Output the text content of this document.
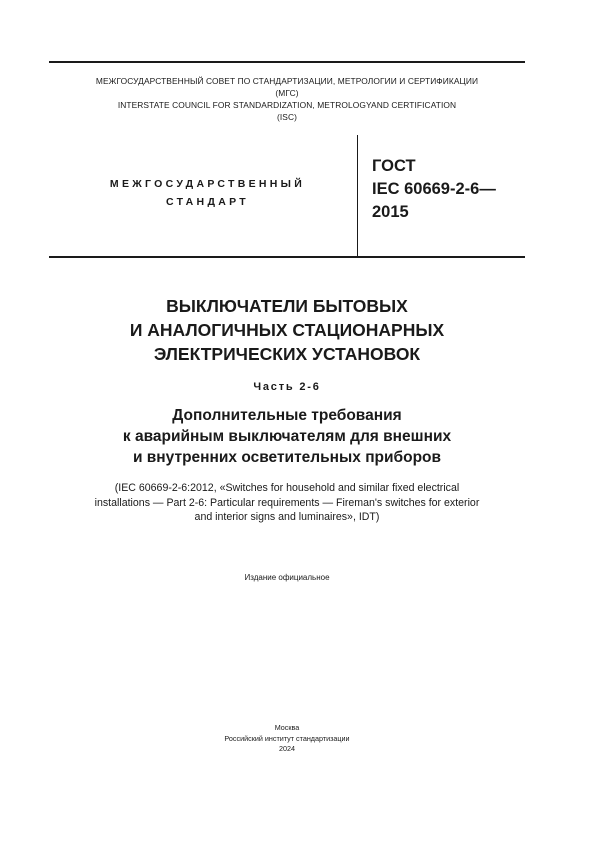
МЕЖГОСУДАРСТВЕННЫЙ СОВЕТ ПО СТАНДАРТИЗАЦИИ, МЕТРОЛОГИИ И СЕРТИФИКАЦИИ
(МГС)
INTERSTATE COUNCIL FOR STANDARDIZATION, METROLOGYAND CERTIFICATION
(ISC)
МЕЖГОСУДАРСТВЕННЫЙ
СТАНДАРТ
ГОСТ
IEC 60669-2-6—
2015
ВЫКЛЮЧАТЕЛИ БЫТОВЫХ
И АНАЛОГИЧНЫХ СТАЦИОНАРНЫХ
ЭЛЕКТРИЧЕСКИХ УСТАНОВОК
Часть 2-6
Дополнительные требования
к аварийным выключателям для внешних
и внутренних осветительных приборов
(IEC 60669-2-6:2012, «Switches for household and similar fixed electrical
installations — Part 2-6: Particular requirements — Fireman's switches for exterior
and interior signs and luminaires», IDT)
Издание официальное
Москва
Российский институт стандартизации
2024
